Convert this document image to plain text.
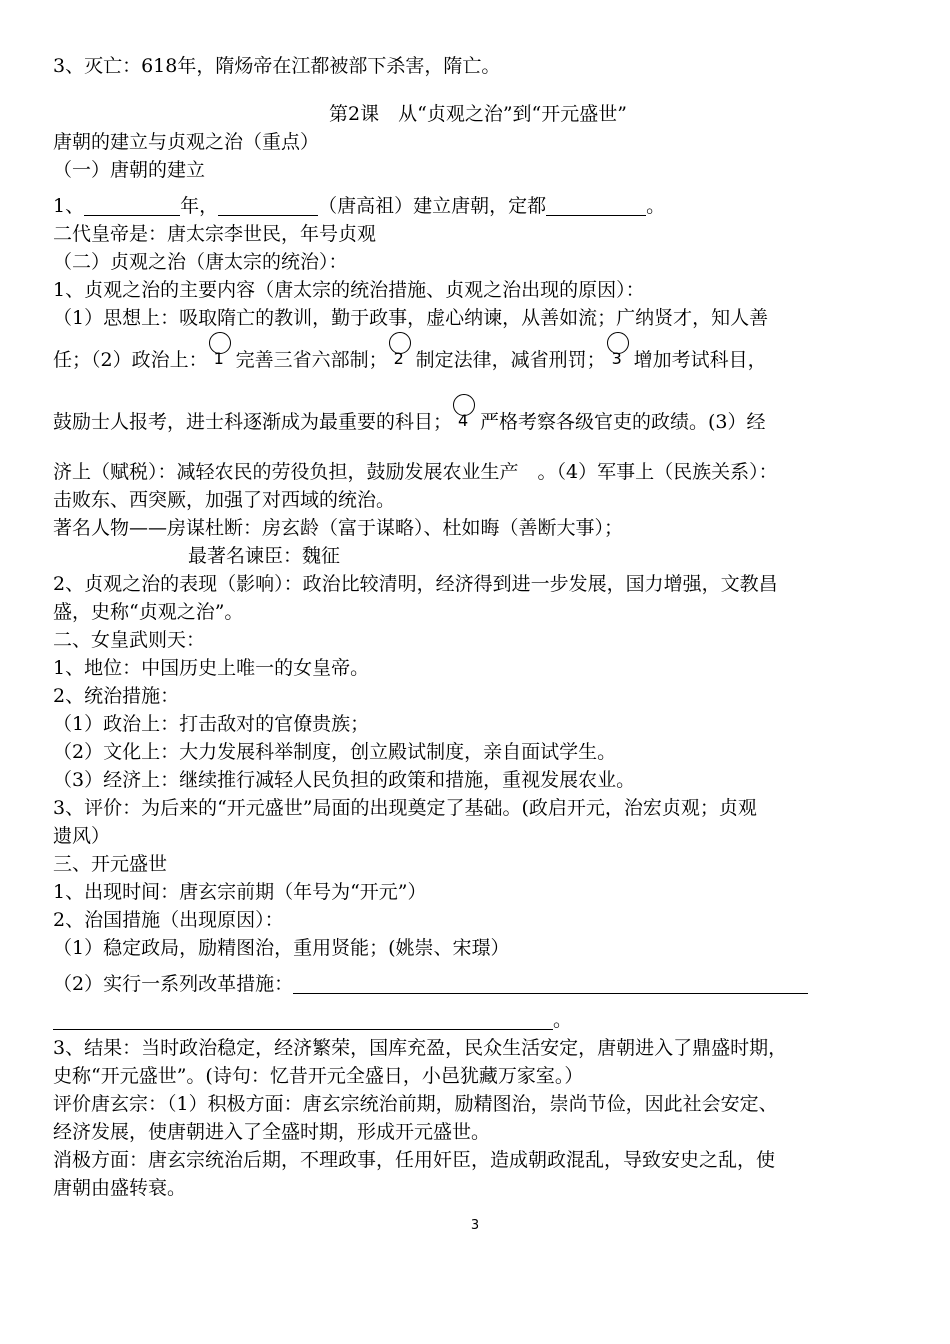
3、灭亡：618年，隋炀帝在江都被部下杀害，隋亡。

第2课　从“贞观之治”到“开元盛世”

唐朝的建立与贞观之治（重点）

（一）唐朝的建立

1、	年，	（唐高祖）建立唐朝，定都	。

二代皇帝是：唐太宗李世民，年号贞观

（二）贞观之治（唐太宗的统治）：

1、贞观之治的主要内容（唐太宗的统治措施、贞观之治出现的原因）：

（1）思想上：吸取隋亡的教训，勤于政事，虚心纳谏，从善如流；广纳贤才，知人善

任；（2）政治上： 1 完善三省六部制； 2 制定法律，减省刑罚； 3 增加考试科目，

鼓励士人报考，进士科逐渐成为最重要的科目； 4 严格考察各级官吏的政绩。(3）经

济上（赋税）：减轻农民的劳役负担，鼓励发展农业生产　。（4）军事上（民族关系）：

击败东、西突厥，加强了对西域的统治。

著名人物——房谋杜断：房玄龄（富于谋略）、杜如晦（善断大事）；

最著名谏臣：魏征

2、贞观之治的表现（影响）：政治比较清明，经济得到进一步发展，国力增强，文教昌

盛，史称“贞观之治”。

二、女皇武则天：

1、地位：中国历史上唯一的女皇帝。

2、统治措施：

（1）政治上：打击敌对的官僚贵族；

（2）文化上：大力发展科举制度，创立殿试制度，亲自面试学生。

（3）经济上：继续推行减轻人民负担的政策和措施，重视发展农业。

3、评价：为后来的“开元盛世”局面的出现奠定了基础。(政启开元，治宏贞观；贞观

遗风）

三、开元盛世

1、出现时间：唐玄宗前期（年号为“开元”）

2、治国措施（出现原因）：

（1）稳定政局，励精图治，重用贤能；(姚崇、宋璟）

（2）实行一系列改革措施：

。

3、结果：当时政治稳定，经济繁荣，国库充盈，民众生活安定，唐朝进入了鼎盛时期，

史称“开元盛世”。(诗句：忆昔开元全盛日，小邑犹藏万家室。）

评价唐玄宗：（1）积极方面：唐玄宗统治前期，励精图治，崇尚节俭，因此社会安定、

经济发展，使唐朝进入了全盛时期，形成开元盛世。

消极方面：唐玄宗统治后期，不理政事，任用奸臣，造成朝政混乱，导致安史之乱，使

唐朝由盛转衰。

3
